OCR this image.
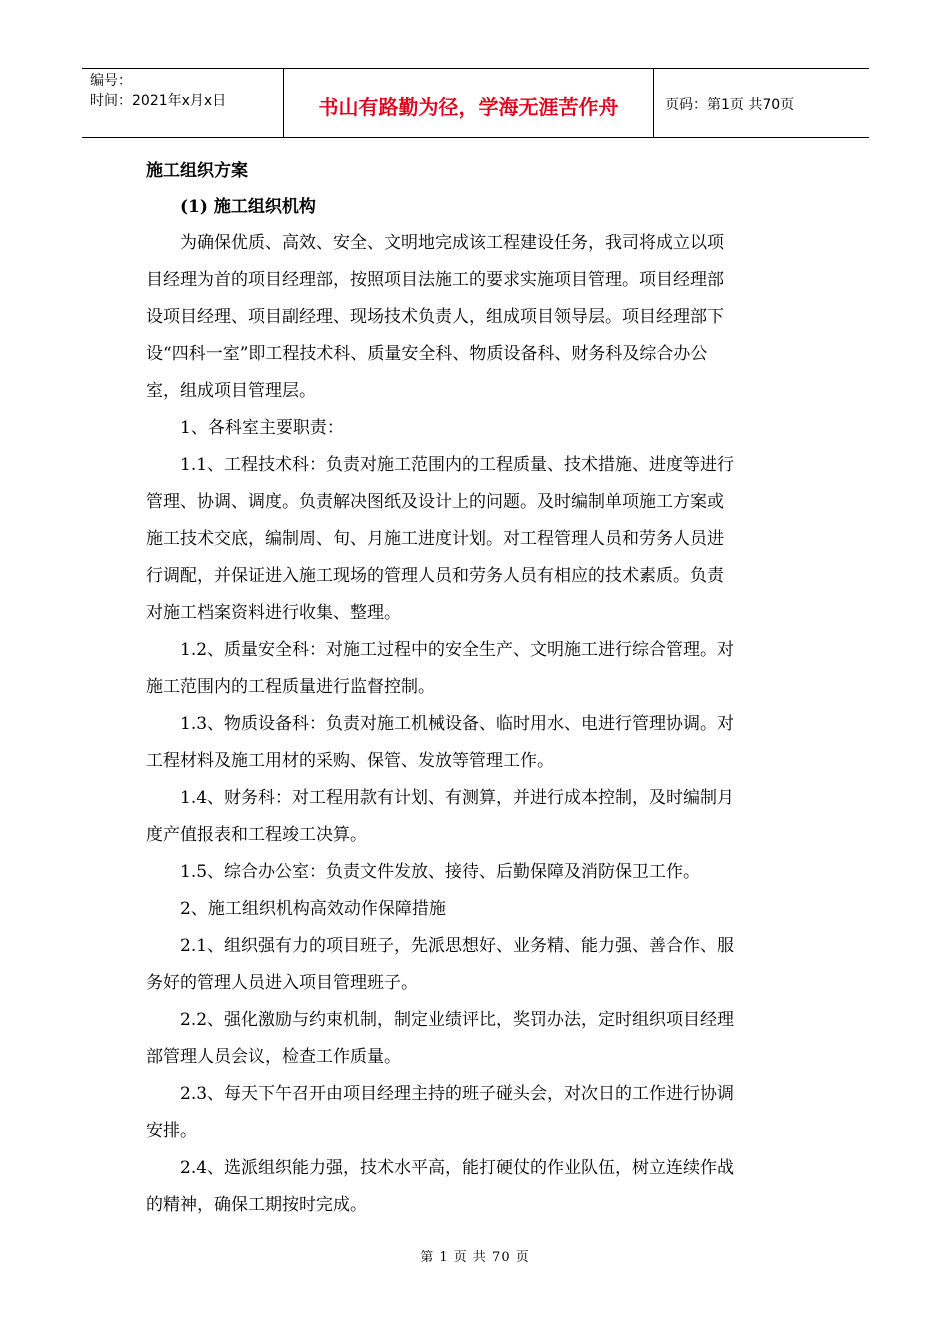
编号：
时间：2021年x月x日	书山有路勤为径，学海无涯苦作舟	页码：第1页 共70页
施工组织方案
(1) 施工组织机构
为确保优质、高效、安全、文明地完成该工程建设任务，我司将成立以项
目经理为首的项目经理部，按照项目法施工的要求实施项目管理。项目经理部
设项目经理、项目副经理、现场技术负责人，组成项目领导层。项目经理部下
设“四科一室”即工程技术科、质量安全科、物质设备科、财务科及综合办公
室，组成项目管理层。
1、各科室主要职责：
1.1、工程技术科：负责对施工范围内的工程质量、技术措施、进度等进行
管理、协调、调度。负责解决图纸及设计上的问题。及时编制单项施工方案或
施工技术交底，编制周、旬、月施工进度计划。对工程管理人员和劳务人员进
行调配，并保证进入施工现场的管理人员和劳务人员有相应的技术素质。负责
对施工档案资料进行收集、整理。
1.2、质量安全科：对施工过程中的安全生产、文明施工进行综合管理。对
施工范围内的工程质量进行监督控制。
1.3、物质设备科：负责对施工机械设备、临时用水、电进行管理协调。对
工程材料及施工用材的采购、保管、发放等管理工作。
1.4、财务科：对工程用款有计划、有测算，并进行成本控制，及时编制月
度产值报表和工程竣工决算。
1.5、综合办公室：负责文件发放、接待、后勤保障及消防保卫工作。
2、施工组织机构高效动作保障措施
2.1、组织强有力的项目班子，先派思想好、业务精、能力强、善合作、服
务好的管理人员进入项目管理班子。
2.2、强化激励与约束机制，制定业绩评比，奖罚办法，定时组织项目经理
部管理人员会议，检查工作质量。
2.3、每天下午召开由项目经理主持的班子碰头会，对次日的工作进行协调
安排。
2.4、选派组织能力强，技术水平高，能打硬仗的作业队伍，树立连续作战
的精神，确保工期按时完成。
第 1 页 共 70 页
